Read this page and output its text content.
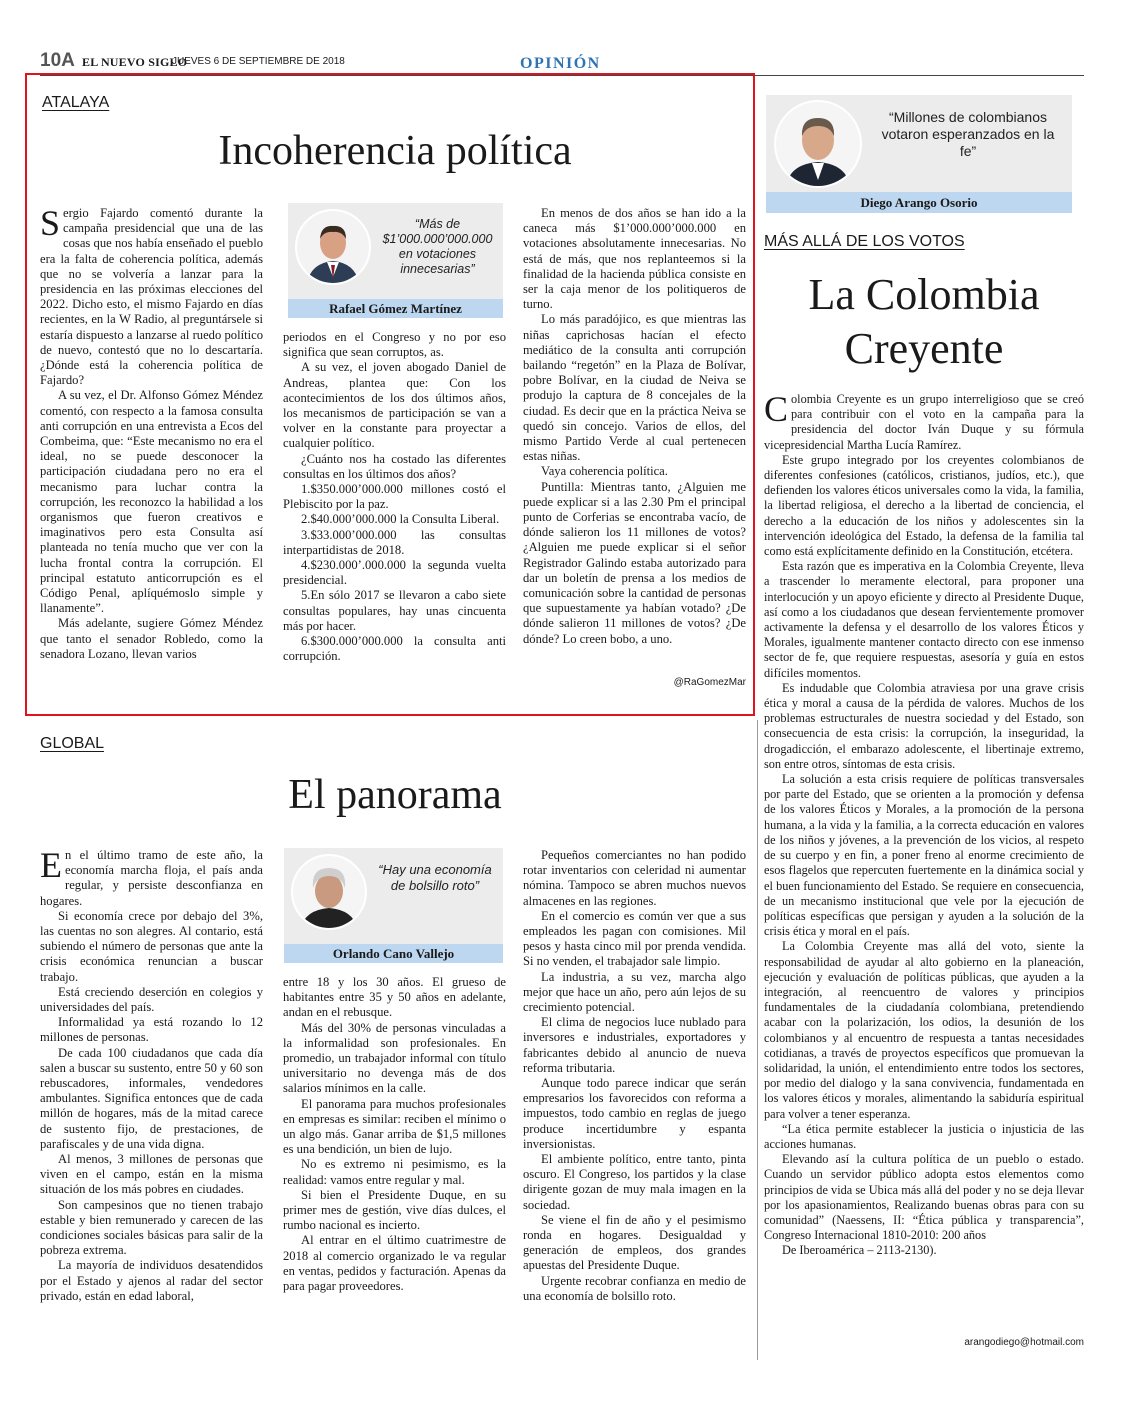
10A EL NUEVO SIGLO
JUEVES 6 DE SEPTIEMBRE DE 2018	OPINIÓN
ATALAYA
Incoherencia política

Sergio Fajardo comentó durante la campaña presidencial que una de las cosas que nos había enseñado el pueblo era la falta de coherencia política, además que no se volvería a lanzar para la presidencia en las próximas elecciones del 2022. Dicho esto, el mismo Fajardo en días recientes, en la W Radio, al preguntársele si estaría dispuesto a lanzarse al ruedo político de nuevo, contestó que no lo descartaría. ¿Dónde está la coherencia política de Fajardo?

A su vez, el Dr. Alfonso Gómez Méndez comentó, con respecto a la famosa consulta anti corrupción en una entrevista a Ecos del Combeima, que: “Este mecanismo no era el ideal, no se puede desconocer la participación ciudadana pero no era el mecanismo para luchar contra la corrupción, les reconozco la habilidad a los organismos que fueron creativos e imaginativos pero esta Consulta así planteada no tenía mucho que ver con la lucha frontal contra la corrupción. El principal estatuto anticorrupción es el Código Penal, aplíquémoslo simple y llanamente”.

Más adelante, sugiere Gómez Méndez que tanto el senador Robledo, como la senadora Lozano, llevan varios

“Más de $1’000.000’000.000 en votaciones innecesarias”
Rafael Gómez Martínez

periodos en el Congreso y no por eso significa que sean corruptos, as.

A su vez, el joven abogado Daniel de Andreas, plantea que: Con los acontecimientos de los dos últimos años, los mecanismos de participación se van a volver en la constante para proyectar a cualquier político.

¿Cuánto nos ha costado las diferentes consultas en los últimos dos años?

1.$350.000’000.000 millones costó el Plebiscito por la paz.

2.$40.000’000.000 la Consulta Liberal.

3.$33.000’000.000 las consultas interpartidistas de 2018.

4.$230.000’.000.000 la segunda vuelta presidencial.

5.En sólo 2017 se llevaron a cabo siete consultas populares, hay unas cincuenta más por hacer.

6.$300.000’000.000 la consulta anti corrupción.

En menos de dos años se han ido a la caneca más $1’000.000’000.000 en votaciones absolutamente innecesarias. No está de más, que nos replanteemos si la finalidad de la hacienda pública consiste en ser la caja menor de los politiqueros de turno.

Lo más paradójico, es que mientras las niñas caprichosas hacían el efecto mediático de la consulta anti corrupción bailando “regetón” en la Plaza de Bolívar, pobre Bolívar, en la ciudad de Neiva se produjo la captura de 8 concejales de la ciudad. Es decir que en la práctica Neiva se quedó sin concejo. Varios de ellos, del mismo Partido Verde al cual pertenecen estas niñas.

Vaya coherencia política.

Puntilla: Mientras tanto, ¿Alguien me puede explicar si a las 2.30 Pm el principal punto de Corferias se encontraba vacío, de dónde salieron los 11 millones de votos? ¿Alguien me puede explicar si el señor Registrador Galindo estaba autorizado para dar un boletín de prensa a los medios de comunicación sobre la cantidad de personas que supuestamente ya habían votado? ¿De dónde salieron 11 millones de votos? ¿De dónde? Lo creen bobo, a uno.

@RaGomezMar
GLOBAL
El panorama

En el último tramo de este año, la economía marcha floja, el país anda regular, y persiste desconfianza en hogares.

Si economía crece por debajo del 3%, las cuentas no son alegres. Al contario, está subiendo el número de personas que ante la crisis económica renuncian a buscar trabajo.

Está creciendo deserción en colegios y universidades del país.

Informalidad ya está rozando lo 12 millones de personas.

De cada 100 ciudadanos que cada día salen a buscar su sustento, entre 50 y 60 son rebuscadores, informales, vendedores ambulantes. Significa entonces que de cada millón de hogares, más de la mitad carece de sustento fijo, de prestaciones, de parafiscales y de una vida digna.

Al menos, 3 millones de personas que viven en el campo, están en la misma situación de los más pobres en ciudades.

Son campesinos que no tienen trabajo estable y bien remunerado y carecen de las condiciones sociales básicas para salir de la pobreza extrema.

La mayoría de individuos desatendidos por el Estado y ajenos al radar del sector privado, están en edad laboral,

“Hay una economía de bolsillo roto”
Orlando Cano Vallejo

entre 18 y los 30 años. El grueso de habitantes entre 35 y 50 años en adelante, andan en el rebusque.

Más del 30% de personas vinculadas a la informalidad son profesionales. En promedio, un trabajador informal con título universitario no devenga más de dos salarios mínimos en la calle.

El panorama para muchos profesionales en empresas es similar: reciben el mínimo o un algo más. Ganar arriba de $1,5 millones es una bendición, un bien de lujo.

No es extremo ni pesimismo, es la realidad: vamos entre regular y mal.

Si bien el Presidente Duque, en su primer mes de gestión, vive días dulces, el rumbo nacional es incierto.

Al entrar en el último cuatrimestre de 2018 al comercio organizado le va regular en ventas, pedidos y facturación. Apenas da para pagar proveedores.

Pequeños comerciantes no han podido rotar inventarios con celeridad ni aumentar nómina. Tampoco se abren muchos nuevos almacenes en las regiones.

En el comercio es común ver que a sus empleados les pagan con comisiones. Mil pesos y hasta cinco mil por prenda vendida. Si no venden, el trabajador sale limpio.

La industria, a su vez, marcha algo mejor que hace un año, pero aún lejos de su crecimiento potencial.

El clima de negocios luce nublado para inversores e industriales, exportadores y fabricantes debido al anuncio de nueva reforma tributaria.

Aunque todo parece indicar que serán empresarios los favorecidos con reforma a impuestos, todo cambio en reglas de juego produce incertidumbre y espanta inversionistas.

El ambiente político, entre tanto, pinta oscuro. El Congreso, los partidos y la clase dirigente gozan de muy mala imagen en la sociedad.

Se viene el fin de año y el pesimismo ronda en hogares. Desigualdad y generación de empleos, dos grandes apuestas del Presidente Duque.

Urgente recobrar confianza en medio de una economía de bolsillo roto.

“Millones de colombianos votaron esperanzados en la fe”
Diego Arango Osorio
MÁS ALLÁ DE LOS VOTOS
La Colombia
Creyente

Colombia Creyente es un grupo interreligioso que se creó para contribuir con el voto en la campaña para la presidencia del doctor Iván Duque y su fórmula vicepresidencial Martha Lucía Ramírez.

Este grupo integrado por los creyentes colombianos de diferentes confesiones (católicos, cristianos, judíos, etc.), que defienden los valores éticos universales como la vida, la familia, la libertad religiosa, el derecho a la libertad de conciencia, el derecho a la educación de los niños y adolescentes sin la intervención ideológica del Estado, la defensa de la familia tal como está explícitamente definido en la Constitución, etcétera.

Esta razón que es imperativa en la Colombia Creyente, lleva a trascender lo meramente electoral, para proponer una interlocución y un apoyo eficiente y directo al Presidente Duque, así como a los ciudadanos que desean fervientemente promover activamente la defensa y el desarrollo de los valores Éticos y Morales, igualmente mantener contacto directo con ese inmenso sector de fe, que requiere respuestas, asesoría y guía en estos difíciles momentos.

Es indudable que Colombia atraviesa por una grave crisis ética y moral a causa de la pérdida de valores. Muchos de los problemas estructurales de nuestra sociedad y del Estado, son consecuencia de esta crisis: la corrupción, la inseguridad, la drogadicción, el embarazo adolescente, el libertinaje extremo, son entre otros, síntomas de esta crisis.

La solución a esta crisis requiere de políticas transversales por parte del Estado, que se orienten a la promoción y defensa de los valores Éticos y Morales, a la promoción de la persona humana, a la vida y la familia, a la correcta educación en valores de los niños y jóvenes, a la prevención de los vicios, al respeto de su cuerpo y en fin, a poner freno al enorme crecimiento de esos flagelos que repercuten fuertemente en la dinámica social y el buen funcionamiento del Estado. Se requiere en consecuencia, de un mecanismo institucional que vele por la ejecución de políticas específicas que persigan y ayuden a la solución de la crisis ética y moral en el país.

La Colombia Creyente mas allá del voto, siente la responsabilidad de ayudar al alto gobierno en la planeación, ejecución y evaluación de políticas públicas, que ayuden a la integración, al reencuentro de valores y principios fundamentales de la ciudadanía colombiana, pretendiendo acabar con la polarización, los odios, la desunión de los colombianos y al encuentro de respuesta a tantas necesidades cotidianas, a través de proyectos específicos que promuevan la solidaridad, la unión, el entendimiento entre todos los sectores, por medio del dialogo y la sana convivencia, fundamentada en los valores éticos y morales, alimentando la sabiduría espiritual para volver a tener esperanza.

“La ética permite establecer la justicia o injusticia de las acciones humanas.

Elevando así la cultura política de un pueblo o estado. Cuando un servidor público adopta estos elementos como principios de vida se Ubica más allá del poder y no se deja llevar por los apasionamientos, Realizando buenas obras para con su comunidad” (Naessens, II: “Ética pública y transparencia”, Congreso Internacional 1810-2010: 200 años

De Iberoamérica – 2113-2130).

arangodiego@hotmail.com
